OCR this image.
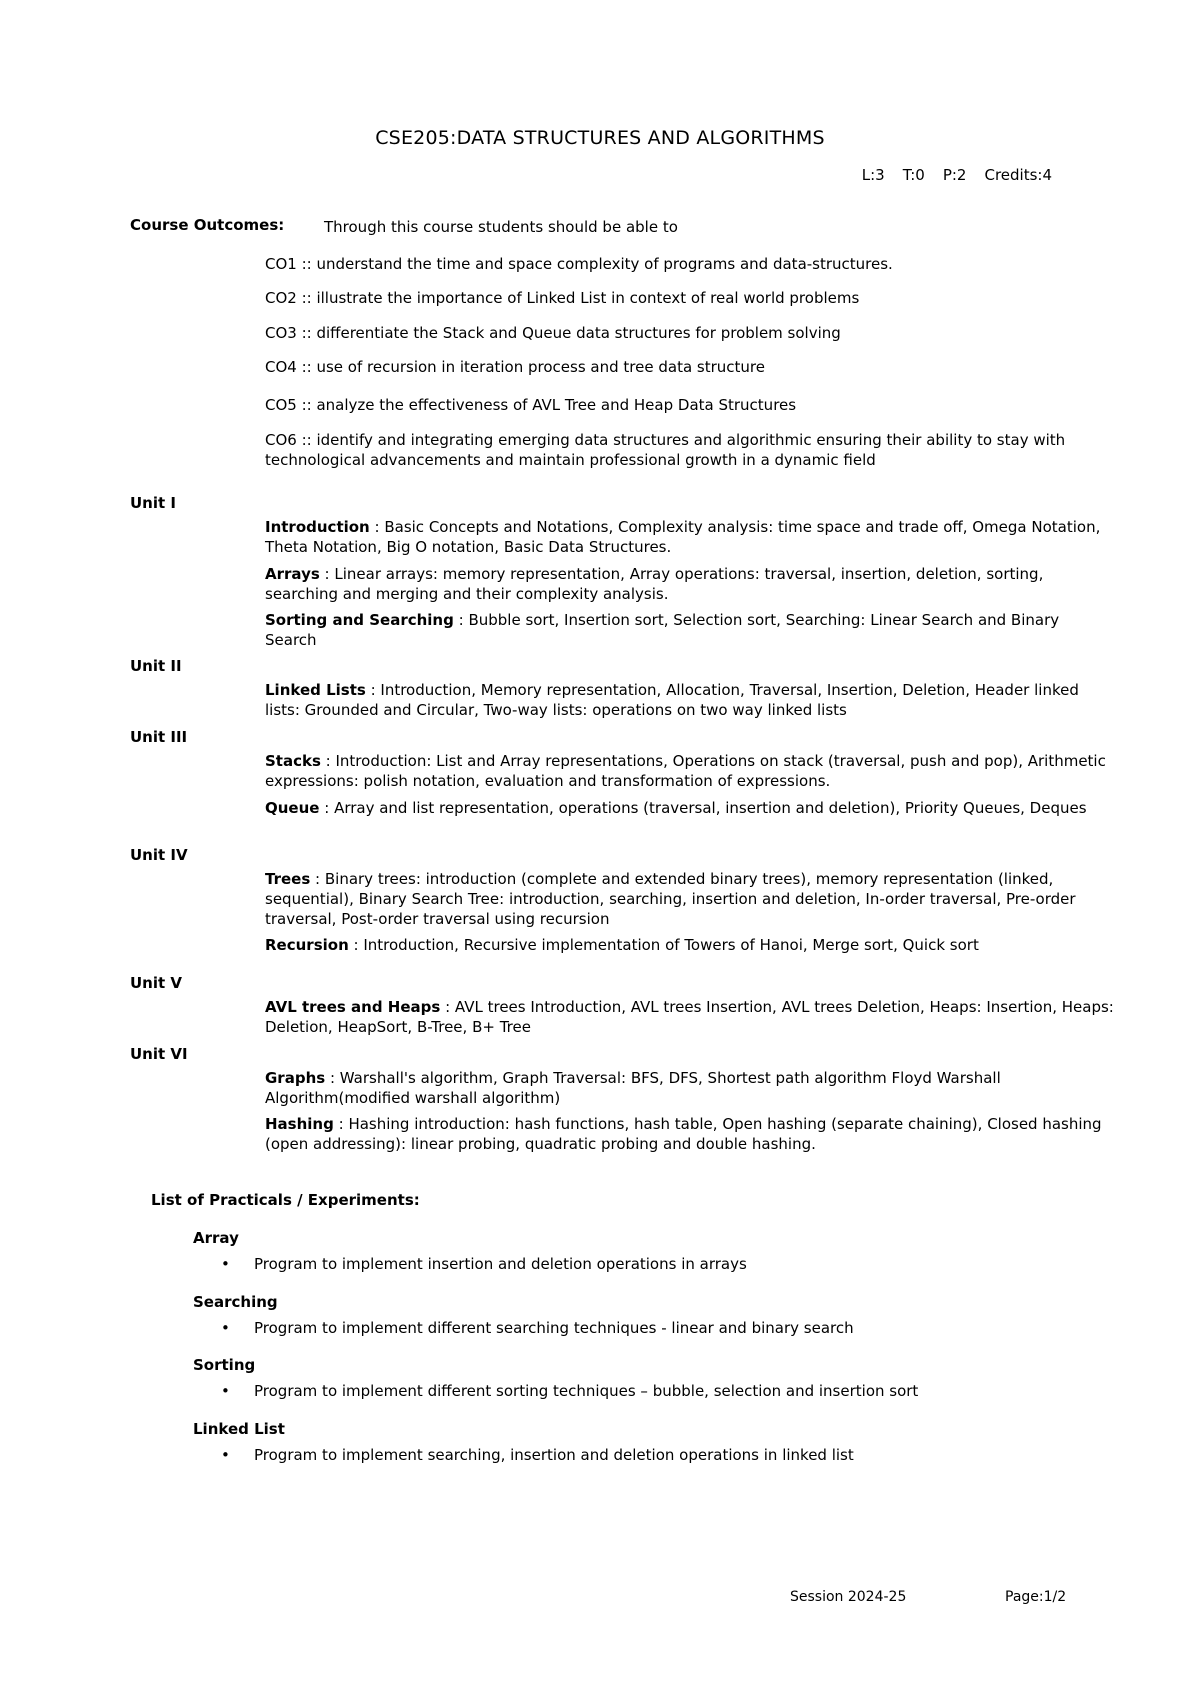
CSE205:DATA STRUCTURES AND ALGORITHMS
L:3 T:0 P:2 Credits:4
Course Outcomes:	Through this course students should be able to
CO1 :: understand the time and space complexity of programs and data-structures.
CO2 :: illustrate the importance of Linked List in context of real world problems
CO3 :: differentiate the Stack and Queue data structures for problem solving
CO4 :: use of recursion in iteration process and tree data structure
CO5 :: analyze the effectiveness of AVL Tree and Heap Data Structures
CO6 :: identify and integrating emerging data structures and algorithmic ensuring their ability to stay with technological advancements and maintain professional growth in a dynamic field
Unit I
Introduction : Basic Concepts and Notations, Complexity analysis: time space and trade off, Omega Notation, Theta Notation, Big O notation, Basic Data Structures.
Arrays : Linear arrays: memory representation, Array operations: traversal, insertion, deletion, sorting, searching and merging and their complexity analysis.
Sorting and Searching : Bubble sort, Insertion sort, Selection sort, Searching: Linear Search and Binary Search
Unit II
Linked Lists : Introduction, Memory representation, Allocation, Traversal, Insertion, Deletion, Header linked lists: Grounded and Circular, Two-way lists: operations on two way linked lists
Unit III
Stacks : Introduction: List and Array representations, Operations on stack (traversal, push and pop), Arithmetic expressions: polish notation, evaluation and transformation of expressions.
Queue : Array and list representation, operations (traversal, insertion and deletion), Priority Queues, Deques
Unit IV
Trees : Binary trees: introduction (complete and extended binary trees), memory representation (linked, sequential), Binary Search Tree: introduction, searching, insertion and deletion, In-order traversal, Pre-order traversal, Post-order traversal using recursion
Recursion : Introduction, Recursive implementation of Towers of Hanoi, Merge sort, Quick sort
Unit V
AVL trees and Heaps : AVL trees Introduction, AVL trees Insertion, AVL trees Deletion, Heaps: Insertion, Heaps: Deletion, HeapSort, B-Tree, B+ Tree
Unit VI
Graphs : Warshall's algorithm, Graph Traversal: BFS, DFS, Shortest path algorithm Floyd Warshall Algorithm(modified warshall algorithm)
Hashing : Hashing introduction: hash functions, hash table, Open hashing (separate chaining), Closed hashing (open addressing): linear probing, quadratic probing and double hashing.
List of Practicals / Experiments:
Array
• Program to implement insertion and deletion operations in arrays
Searching
• Program to implement different searching techniques - linear and binary search
Sorting
• Program to implement different sorting techniques – bubble, selection and insertion sort
Linked List
• Program to implement searching, insertion and deletion operations in linked list
Session 2024-25	Page:1/2
